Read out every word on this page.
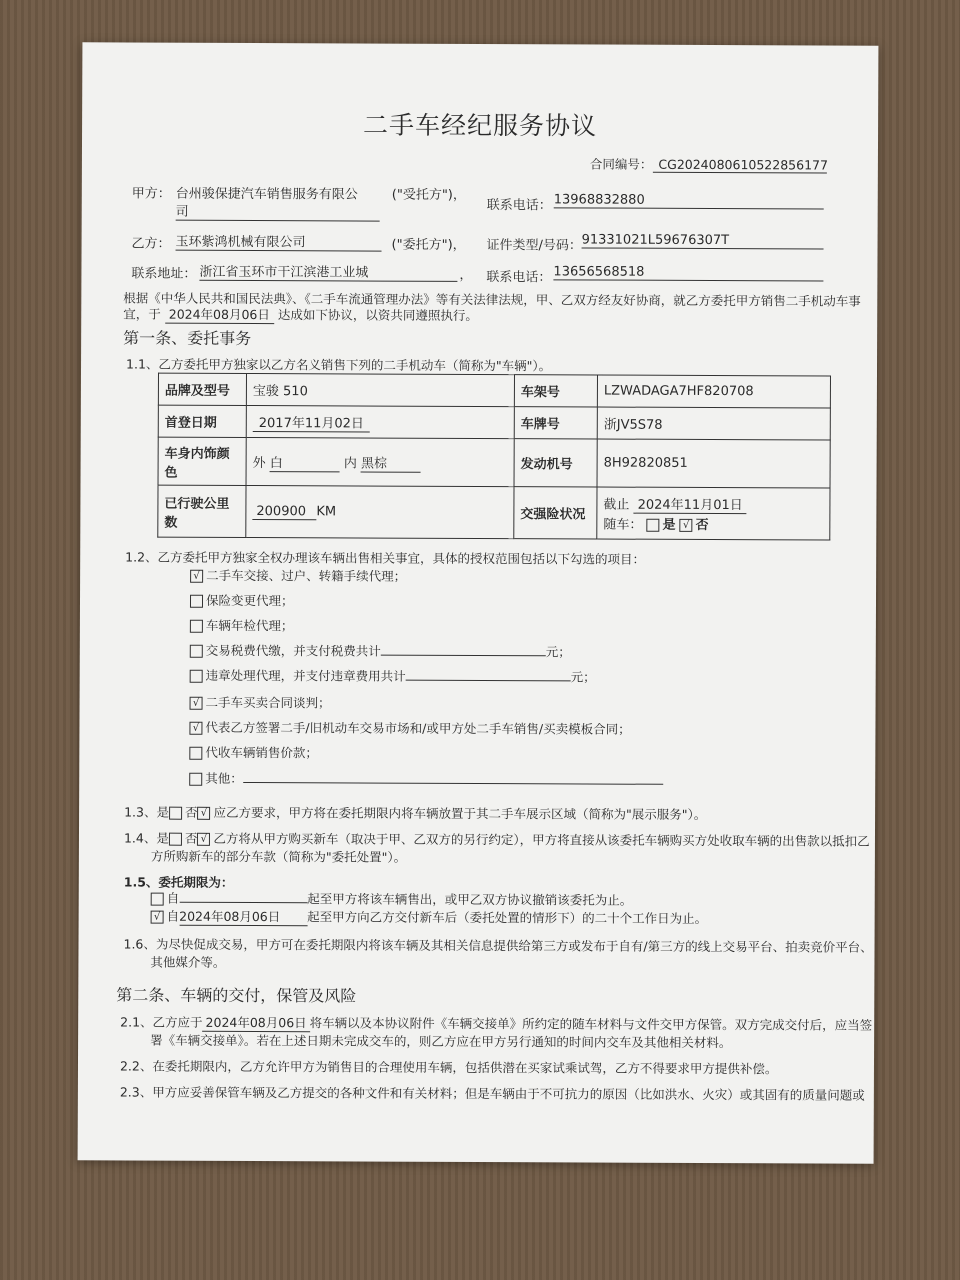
二手车经纪服务协议
合同编号： CG2024080610522856177
甲方： 台州骏保捷汽车销售服务有限公
司
("受托方")，
联系电话： 13968832880
乙方： 玉环紫鸿机械有限公司	("委托方")， 证件类型/号码： 91331021L59676307T
联系地址： 浙江省玉环市干江滨港工业城	， 联系电话： 13656568518
根据《中华人民共和国民法典》、《二手车流通管理办法》等有关法律法规，甲、乙双方经友好协商，就乙方委托甲方销售二手机动车事
宜，于 2024年08月06日 达成如下协议，以资共同遵照执行。
第一条、委托事务
1.1、乙方委托甲方独家以乙方名义销售下列的二手机动车（简称为"车辆"）。
品牌及型号	宝骏 510	车架号	LZWADAGA7HF820708
首登日期	2017年11月02日	车牌号	浙JV5S78
车身内饰颜色	外 白 内 黑棕	发动机号	8H92820851
已行驶公里数	200900 KM	交强险状况	截止 2024年11月01日
随车： 是 √ 否
1.2、乙方委托甲方独家全权办理该车辆出售相关事宜，具体的授权范围包括以下勾选的项目：
√ 二手车交接、过户、转籍手续代理；
保险变更代理；
车辆年检代理；
交易税费代缴，并支付税费共计	元；
违章处理代理，并支付违章费用共计	元；
√ 二手车买卖合同谈判；
√ 代表乙方签署二手/旧机动车交易市场和/或甲方处二手车销售/买卖模板合同；
代收车辆销售价款；
其他：
1.3、是 否 √ 应乙方要求，甲方将在委托期限内将车辆放置于其二手车展示区域（简称为"展示服务"）。
1.4、是 否 √ 乙方将从甲方购买新车（取决于甲、乙双方的另行约定），甲方将直接从该委托车辆购买方处收取车辆的出售款以抵扣乙
方所购新车的部分车款（简称为"委托处置"）。
1.5、委托期限为：
自	起至甲方将该车辆售出，或甲乙双方协议撤销该委托为止。
√ 自2024年08月06日 起至甲方向乙方交付新车后（委托处置的情形下）的二十个工作日为止。
1.6、为尽快促成交易，甲方可在委托期限内将该车辆及其相关信息提供给第三方或发布于自有/第三方的线上交易平台、拍卖竞价平台、
其他媒介等。
第二条、车辆的交付，保管及风险
2.1、乙方应于 2024年08月06日 将车辆以及本协议附件《车辆交接单》所约定的随车材料与文件交甲方保管。双方完成交付后，应当签
署《车辆交接单》。若在上述日期未完成交车的，则乙方应在甲方另行通知的时间内交车及其他相关材料。
2.2、在委托期限内，乙方允许甲方为销售目的合理使用车辆，包括供潜在买家试乘试驾，乙方不得要求甲方提供补偿。
2.3、甲方应妥善保管车辆及乙方提交的各种文件和有关材料；但是车辆由于不可抗力的原因（比如洪水、火灾）或其固有的质量问题或
